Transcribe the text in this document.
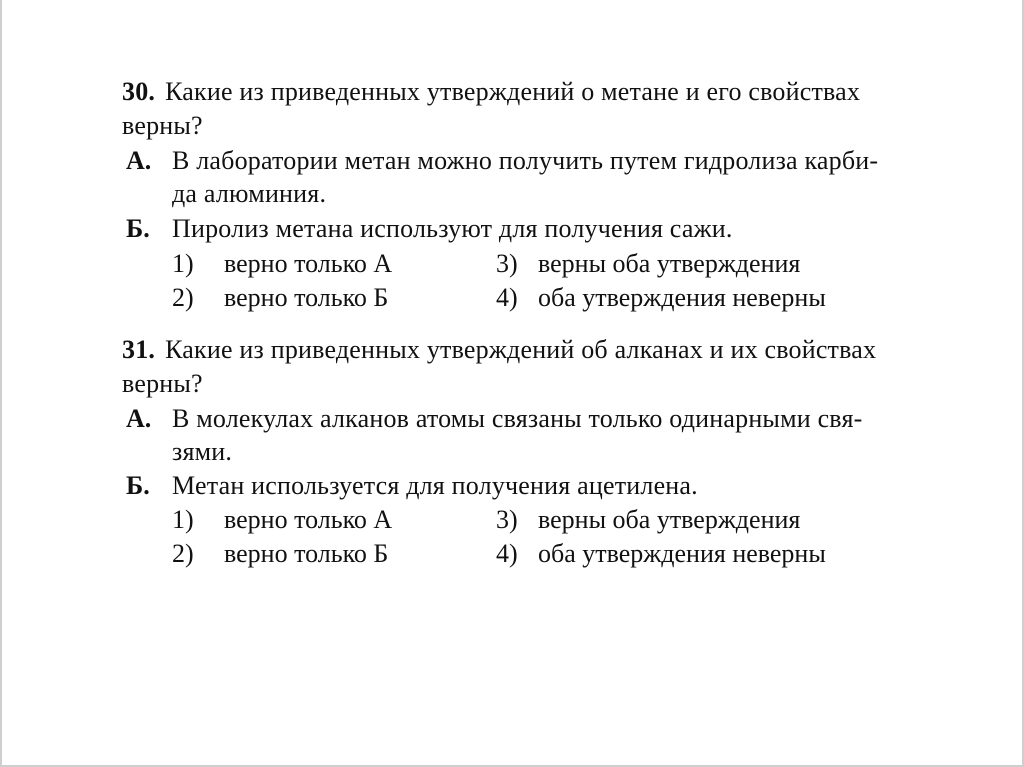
30. Какие из приведенных утверждений о метане и его свойствах
верны?
А. В лаборатории метан можно получить путем гидролиза карби-
да алюминия.
Б. Пиролиз метана используют для получения сажи.
1) верно только А	3) верны оба утверждения
2) верно только Б	4) оба утверждения неверны
31. Какие из приведенных утверждений об алканах и их свойствах
верны?
А. В молекулах алканов атомы связаны только одинарными свя-
зями.
Б. Метан используется для получения ацетилена.
1) верно только А	3) верны оба утверждения
2) верно только Б	4) оба утверждения неверны
